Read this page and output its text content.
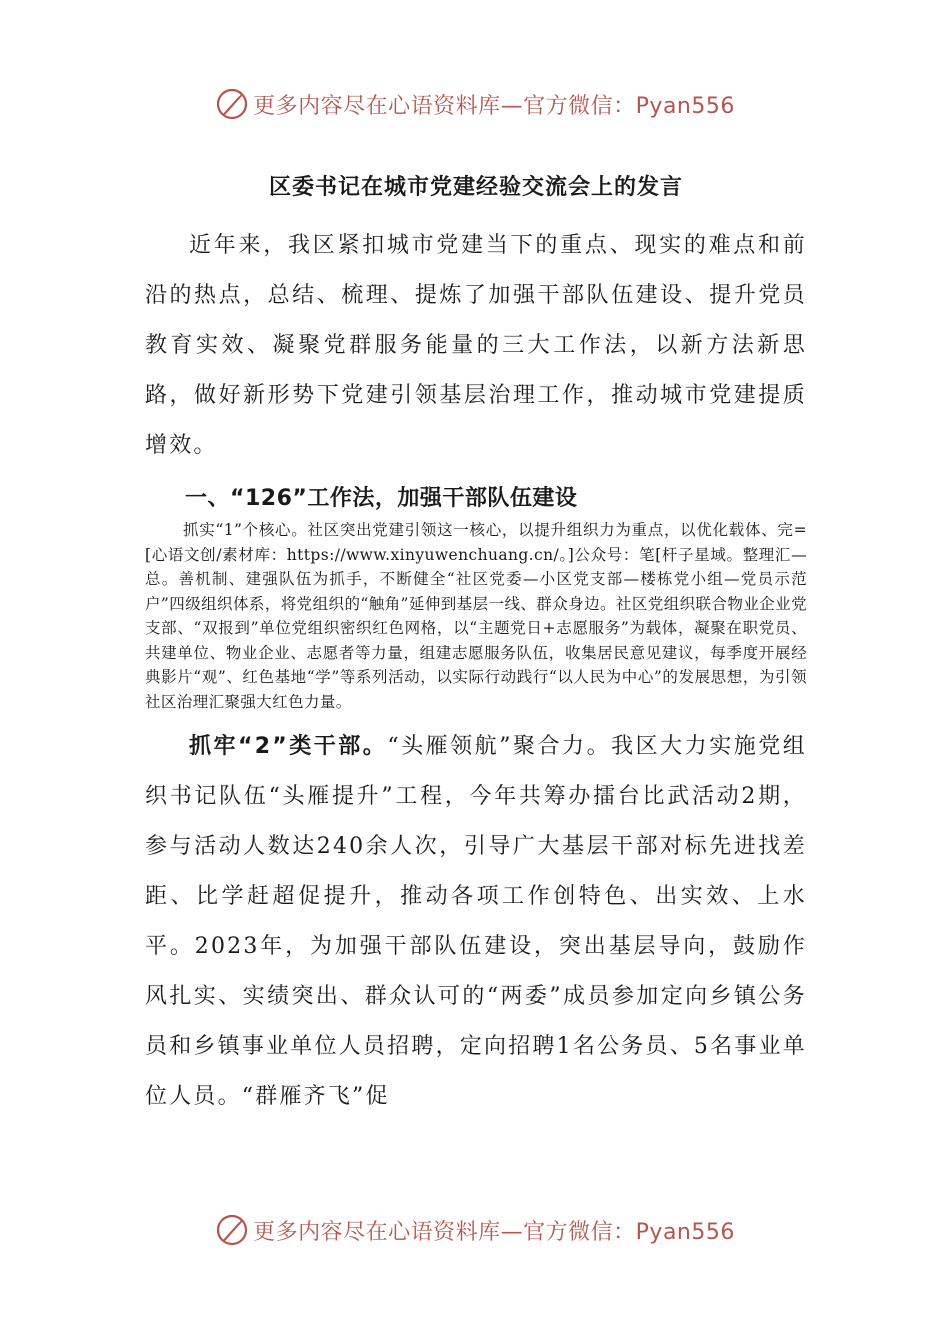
更多内容尽在心语资料库—官方微信：Pyan556
区委书记在城市党建经验交流会上的发言

近年来，我区紧扣城市党建当下的重点、现实的难点和前沿的热点，总结、梳理、提炼了加强干部队伍建设、提升党员教育实效、凝聚党群服务能量的三大工作法，以新方法新思路，做好新形势下党建引领基层治理工作，推动城市党建提质增效。

一、“126”工作法，加强干部队伍建设

抓实“1”个核心。社区突出党建引领这一核心，以提升组织力为重点，以优化载体、完=[心语文创/素材库：https://www.xinyuwenchuang.cn/。]公众号：笔[杆子星域。整理汇—总。善机制、建强队伍为抓手，不断健全“社区党委—小区党支部—楼栋党小组—党员示范户”四级组织体系，将党组织的“触角”延伸到基层一线、群众身边。社区党组织联合物业企业党支部、“双报到”单位党组织密织红色网格，以“主题党日+志愿服务”为载体，凝聚在职党员、共建单位、物业企业、志愿者等力量，组建志愿服务队伍，收集居民意见建议，每季度开展经典影片“观”、红色基地“学”等系列活动，以实际行动践行“以人民为中心”的发展思想，为引领社区治理汇聚强大红色力量。

抓牢“2”类干部。“头雁领航”聚合力。我区大力实施党组织书记队伍“头雁提升”工程，今年共筹办擂台比武活动2期，参与活动人数达240余人次，引导广大基层干部对标先进找差距、比学赶超促提升，推动各项工作创特色、出实效、上水平。2023年，为加强干部队伍建设，突出基层导向，鼓励作风扎实、实绩突出、群众认可的“两委”成员参加定向乡镇公务员和乡镇事业单位人员招聘，定向招聘1名公务员、5名事业单位人员。“群雁齐飞”促

更多内容尽在心语资料库—官方微信：Pyan556
